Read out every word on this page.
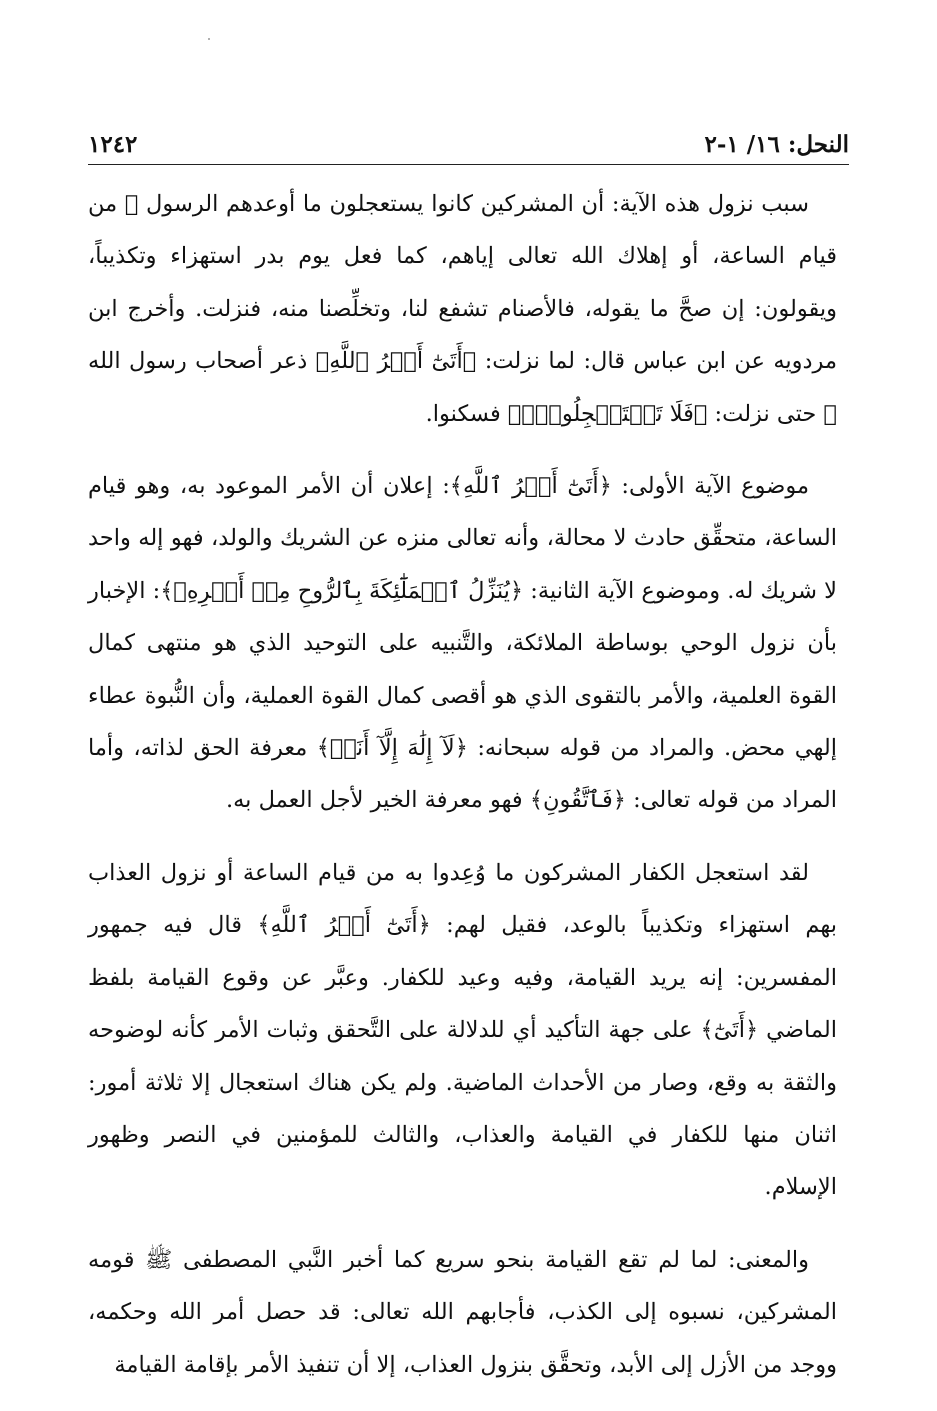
النحل: ١٦/ ١-٢
١٢٤٢

سبب نزول هذه الآية: أن المشركين كانوا يستعجلون ما أوعدهم الرسول ﷺ من قيام الساعة، أو إهلاك الله تعالى إياهم، كما فعل يوم بدر استهزاء وتكذيباً، ويقولون: إن صحَّ ما يقوله، فالأصنام تشفع لنا، وتخلِّصنا منه، فنزلت. وأخرج ابن مردويه عن ابن عباس قال: لما نزلت: ﴿أَتَىٰٓ أَمۡرُ ٱللَّهِ﴾ ذعر أصحاب رسول الله ﷺ حتى نزلت: ﴿فَلَا تَسۡتَعۡجِلُوهُۚ﴾ فسكنوا.

موضوع الآية الأولى: ﴿أَتَىٰٓ أَمۡرُ ٱللَّهِ﴾: إعلان أن الأمر الموعود به، وهو قيام الساعة، متحقِّق حادث لا محالة، وأنه تعالى منزه عن الشريك والولد، فهو إله واحد لا شريك له. وموضوع الآية الثانية: ﴿يُنَزِّلُ ٱلۡمَلَٰٓئِكَةَ بِٱلرُّوحِ مِنۡ أَمۡرِهِۦ﴾: الإخبار بأن نزول الوحي بوساطة الملائكة، والتَّنبيه على التوحيد الذي هو منتهى كمال القوة العلمية، والأمر بالتقوى الذي هو أقصى كمال القوة العملية، وأن النُّبوة عطاء إلهي محض. والمراد من قوله سبحانه: ﴿لَآ إِلَٰهَ إِلَّآ أَنَا۠﴾ معرفة الحق لذاته، وأما المراد من قوله تعالى: ﴿فَٱتَّقُونِ﴾ فهو معرفة الخير لأجل العمل به.

لقد استعجل الكفار المشركون ما وُعِدوا به من قيام الساعة أو نزول العذاب بهم استهزاء وتكذيباً بالوعد، فقيل لهم: ﴿أَتَىٰٓ أَمۡرُ ٱللَّهِ﴾ قال فيه جمهور المفسرين: إنه يريد القيامة، وفيه وعيد للكفار. وعبَّر عن وقوع القيامة بلفظ الماضي ﴿أَتَىٰٓ﴾ على جهة التأكيد أي للدلالة على التَّحقق وثبات الأمر كأنه لوضوحه والثقة به وقع، وصار من الأحداث الماضية. ولم يكن هناك استعجال إلا ثلاثة أمور: اثنان منها للكفار في القيامة والعذاب، والثالث للمؤمنين في النصر وظهور الإسلام.

والمعنى: لما لم تقع القيامة بنحو سريع كما أخبر النَّبي المصطفى ﷺ قومه المشركين، نسبوه إلى الكذب، فأجابهم الله تعالى: قد حصل أمر الله وحكمه، ووجد من الأزل إلى الأبد، وتحقَّق بنزول العذاب، إلا أن تنفيذ الأمر بإقامة القيامة
